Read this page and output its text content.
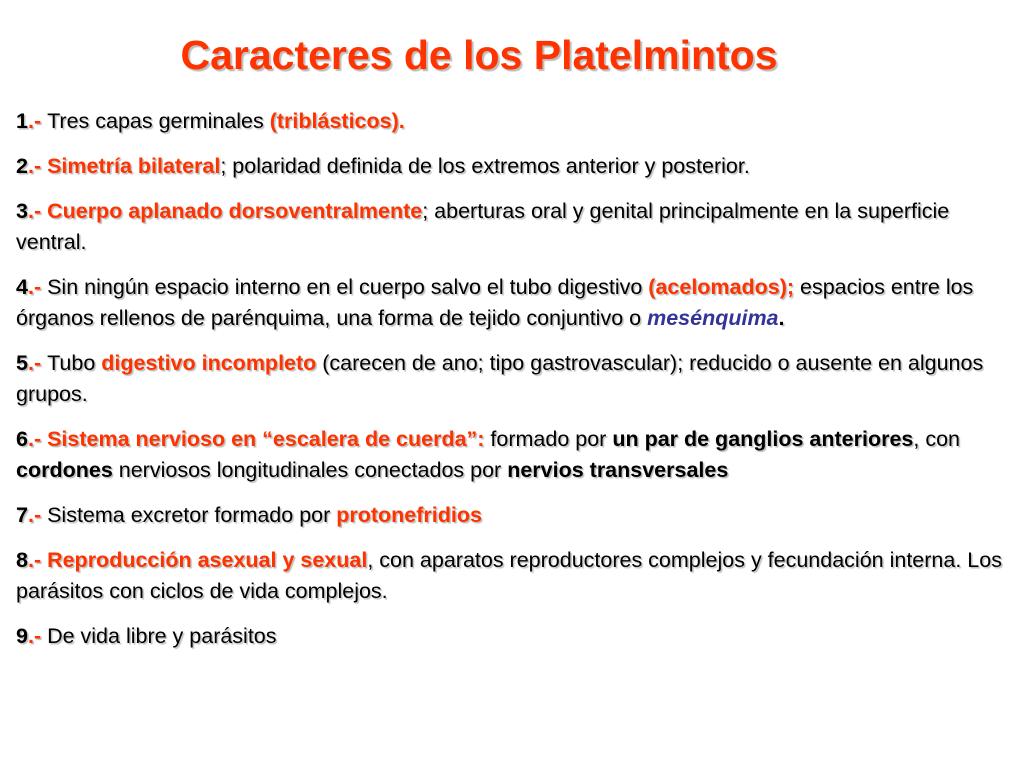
Caracteres de los Platelmintos
1.- Tres capas germinales (triblásticos).
2.- Simetría bilateral; polaridad definida de los extremos anterior y posterior.
3.- Cuerpo aplanado dorsoventralmente; aberturas oral y genital principalmente en la superficie ventral.
4.- Sin ningún espacio interno en el cuerpo salvo el tubo digestivo (acelomados); espacios entre los órganos rellenos de parénquima, una forma de tejido conjuntivo o mesénquima.
5.- Tubo digestivo incompleto (carecen de ano; tipo gastrovascular); reducido o ausente en algunos grupos.
6.- Sistema nervioso en “escalera de cuerda”: formado por un par de ganglios anteriores, con cordones nerviosos longitudinales conectados por nervios transversales
7.- Sistema excretor formado por protonefridios
8.- Reproducción asexual y sexual, con aparatos reproductores complejos y fecundación interna. Los parásitos con ciclos de vida complejos.
9.- De vida libre y parásitos
